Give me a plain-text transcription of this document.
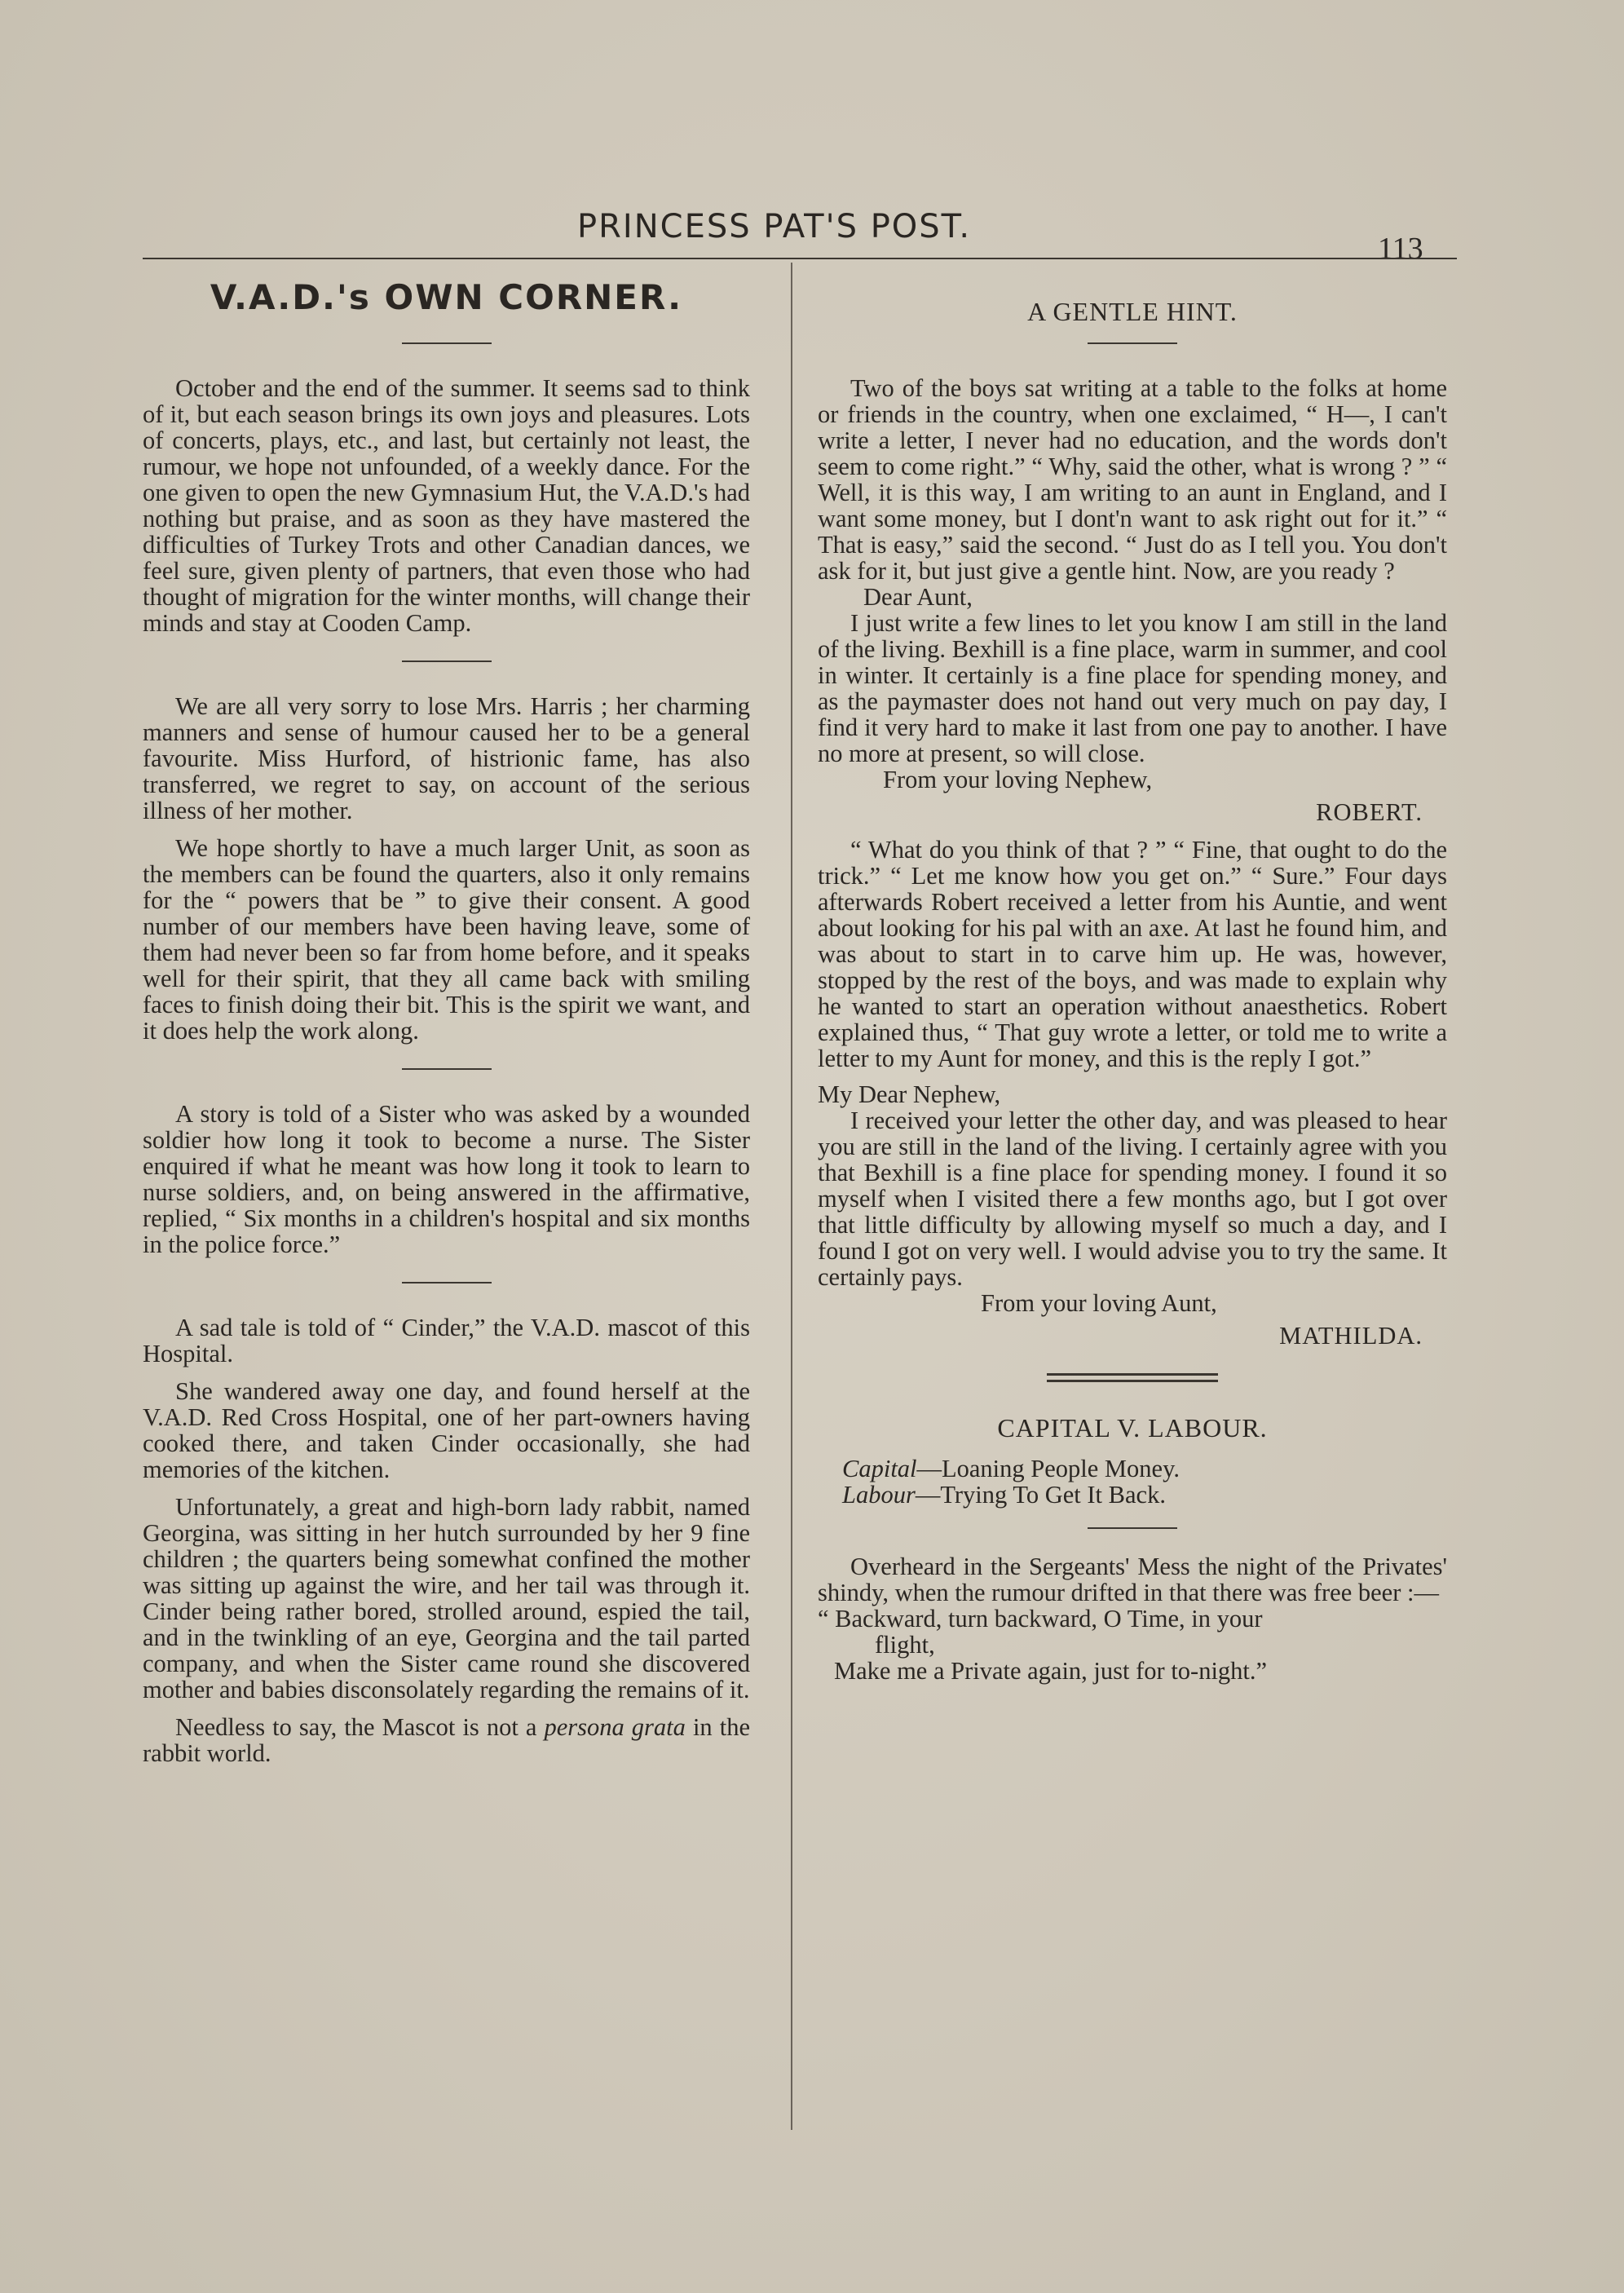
PRINCESS PAT'S POST.
113
V.A.D.'s OWN CORNER.

October and the end of the summer. It seems sad to think of it, but each season brings its own joys and pleasures. Lots of concerts, plays, etc., and last, but certainly not least, the rumour, we hope not unfounded, of a weekly dance. For the one given to open the new Gymnasium Hut, the V.A.D.'s had nothing but praise, and as soon as they have mastered the difficulties of Turkey Trots and other Canadian dances, we feel sure, given plenty of partners, that even those who had thought of migration for the winter months, will change their minds and stay at Cooden Camp.

We are all very sorry to lose Mrs. Harris ; her charming manners and sense of humour caused her to be a general favourite. Miss Hurford, of histrionic fame, has also transferred, we regret to say, on account of the serious illness of her mother.

We hope shortly to have a much larger Unit, as soon as the members can be found the quarters, also it only remains for the “ powers that be ” to give their consent. A good number of our members have been having leave, some of them had never been so far from home before, and it speaks well for their spirit, that they all came back with smiling faces to finish doing their bit. This is the spirit we want, and it does help the work along.

A story is told of a Sister who was asked by a wounded soldier how long it took to become a nurse. The Sister enquired if what he meant was how long it took to learn to nurse soldiers, and, on being answered in the affirmative, replied, “ Six months in a children's hospital and six months in the police force.”

A sad tale is told of “ Cinder,” the V.A.D. mascot of this Hospital.

She wandered away one day, and found herself at the V.A.D. Red Cross Hospital, one of her part-owners having cooked there, and taken Cinder occasionally, she had memories of the kitchen.

Unfortunately, a great and high-born lady rabbit, named Georgina, was sitting in her hutch surrounded by her 9 fine children ; the quarters being somewhat confined the mother was sitting up against the wire, and her tail was through it. Cinder being rather bored, strolled around, espied the tail, and in the twinkling of an eye, Georgina and the tail parted company, and when the Sister came round she discovered mother and babies disconsolately regarding the remains of it.

Needless to say, the Mascot is not a persona grata in the rabbit world.

A GENTLE HINT.

Two of the boys sat writing at a table to the folks at home or friends in the country, when one exclaimed, “ H—, I can't write a letter, I never had no education, and the words don't seem to come right.” “ Why, said the other, what is wrong ? ” “ Well, it is this way, I am writing to an aunt in England, and I want some money, but I dont'n want to ask right out for it.” “ That is easy,” said the second. “ Just do as I tell you. You don't ask for it, but just give a gentle hint. Now, are you ready ?

Dear Aunt,

I just write a few lines to let you know I am still in the land of the living. Bexhill is a fine place, warm in summer, and cool in winter. It certainly is a fine place for spending money, and as the paymaster does not hand out very much on pay day, I find it very hard to make it last from one pay to another. I have no more at present, so will close.

From your loving Nephew,

ROBERT.

“ What do you think of that ? ” “ Fine, that ought to do the trick.” “ Let me know how you get on.” “ Sure.” Four days afterwards Robert received a letter from his Auntie, and went about looking for his pal with an axe. At last he found him, and was about to start in to carve him up. He was, however, stopped by the rest of the boys, and was made to explain why he wanted to start an operation without anaesthetics. Robert explained thus, “ That guy wrote a letter, or told me to write a letter to my Aunt for money, and this is the reply I got.”

My Dear Nephew,

I received your letter the other day, and was pleased to hear you are still in the land of the living. I certainly agree with you that Bexhill is a fine place for spending money. I found it so myself when I visited there a few months ago, but I got over that little difficulty by allowing myself so much a day, and I found I got on very well. I would advise you to try the same. It certainly pays.

From your loving Aunt,

MATHILDA.

CAPITAL V. LABOUR.

Capital—Loaning People Money.

Labour—Trying To Get It Back.

Overheard in the Sergeants' Mess the night of the Privates' shindy, when the rumour drifted in that there was free beer :—

“ Backward, turn backward, O Time, in your

flight,

Make me a Private again, just for to-night.”
